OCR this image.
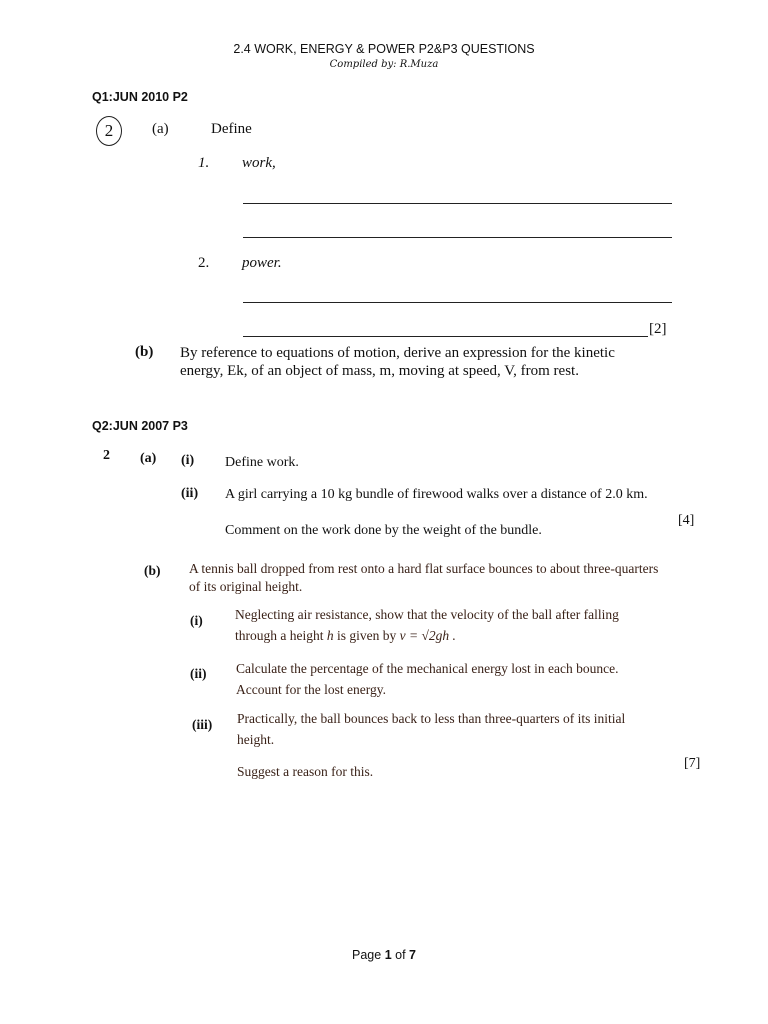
2.4 WORK, ENERGY & POWER P2&P3 QUESTIONS
Compiled by: R.Muza
Q1:JUN 2010 P2
2	(a)	Define
1. work,
2. power.
[2]
(b) By reference to equations of motion, derive an expression for the kinetic
energy, Ek, of an object of mass, m, moving at speed, V, from rest.
Q2:JUN 2007 P3
2 (a) (i) Define work.
(ii) A girl carrying a 10 kg bundle of firewood walks over a distance of 2.0 km.
Comment on the work done by the weight of the bundle.
[4]
(b) A tennis ball dropped from rest onto a hard flat surface bounces to about three-quarters
of its original height.
(i) Neglecting air resistance, show that the velocity of the ball after falling
through a height h is given by v = √2gh .
(ii) Calculate the percentage of the mechanical energy lost in each bounce.
Account for the lost energy.
(iii) Practically, the ball bounces back to less than three-quarters of its initial
height.
Suggest a reason for this.
[7]
Page 1 of 7
